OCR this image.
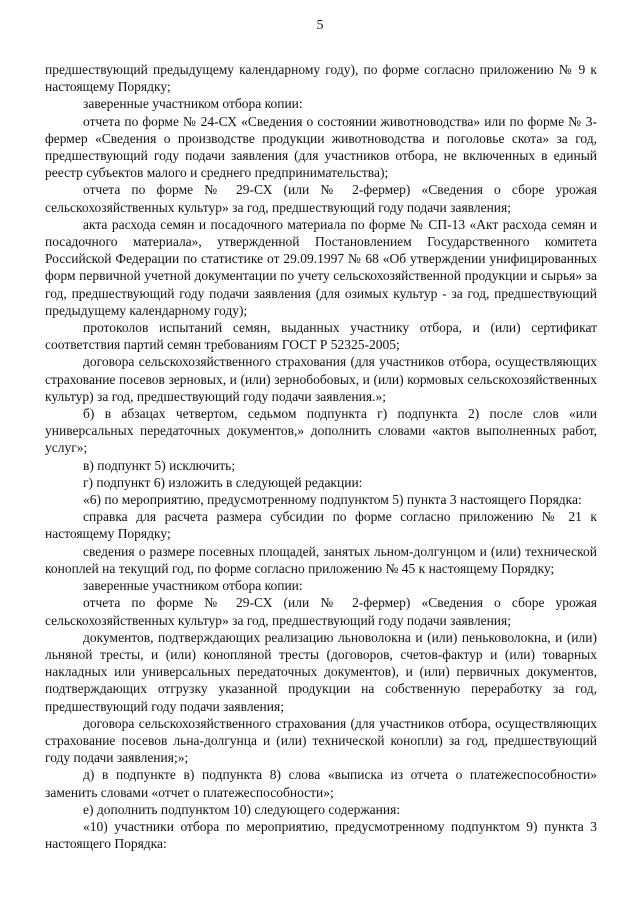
5

предшествующий предыдущему календарному году), по форме согласно приложению № 9 к настоящему Порядку;

заверенные участником отбора копии:

отчета по форме № 24-СХ «Сведения о состоянии животноводства» или по форме № 3-фермер «Сведения о производстве продукции животноводства и поголовье скота» за год, предшествующий году подачи заявления (для участников отбора, не включенных в единый реестр субъектов малого и среднего предпринимательства);

отчета по форме № 29-СХ (или № 2-фермер) «Сведения о сборе урожая сельскохозяйственных культур» за год, предшествующий году подачи заявления;

акта расхода семян и посадочного материала по форме № СП-13 «Акт расхода семян и посадочного материала», утвержденной Постановлением Государственного комитета Российской Федерации по статистике от 29.09.1997 № 68 «Об утверждении унифицированных форм первичной учетной документации по учету сельскохозяйственной продукции и сырья» за год, предшествующий году подачи заявления (для озимых культур - за год, предшествующий предыдущему календарному году);

протоколов испытаний семян, выданных участнику отбора, и (или) сертификат соответствия партий семян требованиям ГОСТ Р 52325-2005;

договора сельскохозяйственного страхования (для участников отбора, осуществляющих страхование посевов зерновых, и (или) зернобобовых, и (или) кормовых сельскохозяйственных культур) за год, предшествующий году подачи заявления.»;

б) в абзацах четвертом, седьмом подпункта г) подпункта 2) после слов «или универсальных передаточных документов,» дополнить словами «актов выполненных работ, услуг»;

в) подпункт 5) исключить;

г) подпункт 6) изложить в следующей редакции:

«6) по мероприятию, предусмотренному подпунктом 5) пункта 3 настоящего Порядка:

справка для расчета размера субсидии по форме согласно приложению № 21 к настоящему Порядку;

сведения о размере посевных площадей, занятых льном-долгунцом и (или) технической коноплей на текущий год, по форме согласно приложению № 45 к настоящему Порядку;

заверенные участником отбора копии:

отчета по форме № 29-СХ (или № 2-фермер) «Сведения о сборе урожая сельскохозяйственных культур» за год, предшествующий году подачи заявления;

документов, подтверждающих реализацию льноволокна и (или) пеньковолокна, и (или) льняной тресты, и (или) конопляной тресты (договоров, счетов-фактур и (или) товарных накладных или универсальных передаточных документов), и (или) первичных документов, подтверждающих отгрузку указанной продукции на собственную переработку за год, предшествующий году подачи заявления;

договора сельскохозяйственного страхования (для участников отбора, осуществляющих страхование посевов льна-долгунца и (или) технической конопли) за год, предшествующий году подачи заявления;»;

д) в подпункте в) подпункта 8) слова «выписка из отчета о платежеспособности» заменить словами «отчет о платежеспособности»;

е) дополнить подпунктом 10) следующего содержания:

«10) участники отбора по мероприятию, предусмотренному подпунктом 9) пункта 3 настоящего Порядка:
